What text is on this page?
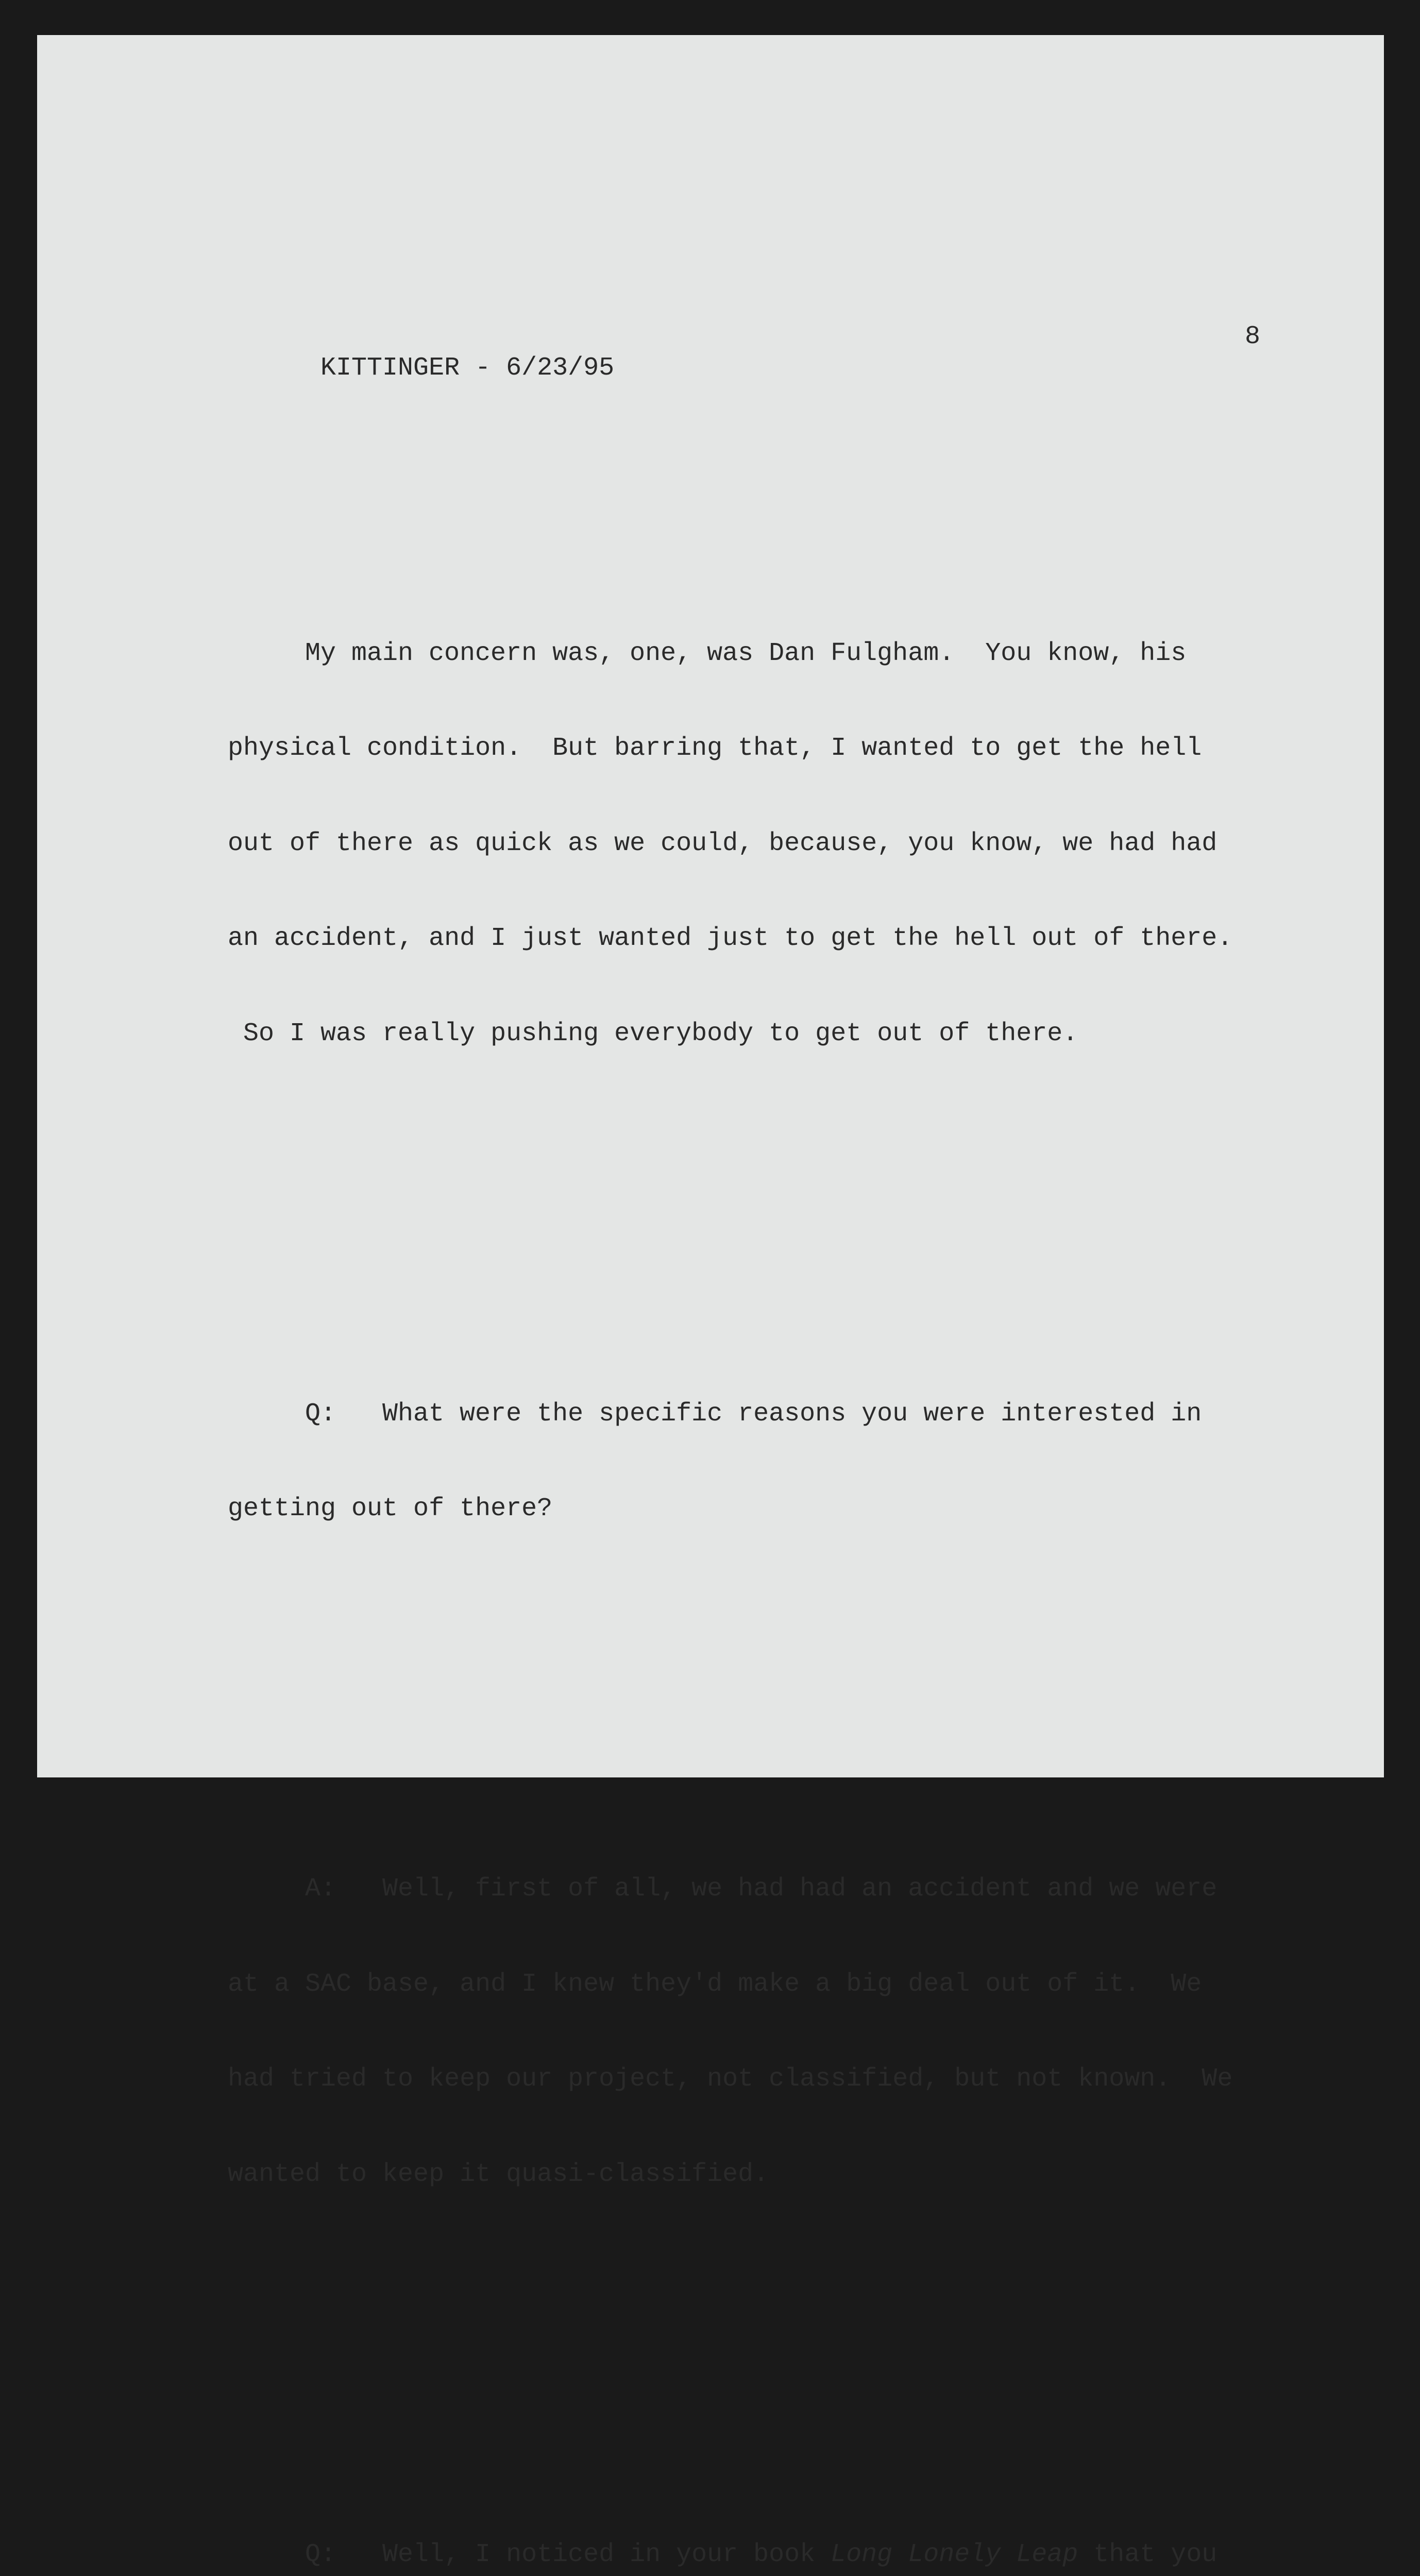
KITTINGER - 6/23/95

8

My main concern was, one, was Dan Fulgham.  You know, his

physical condition.  But barring that, I wanted to get the hell

out of there as quick as we could, because, you know, we had had

an accident, and I just wanted just to get the hell out of there.

So I was really pushing everybody to get out of there.

Q:   What were the specific reasons you were interested in

getting out of there?

A:   Well, first of all, we had had an accident and we were

at a SAC base, and I knew they'd make a big deal out of it.  We

had tried to keep our project, not classified, but not known.  We

wanted to keep it quasi-classified.

Q:   Well, I noticed in your book Long Lonely Leap that you
